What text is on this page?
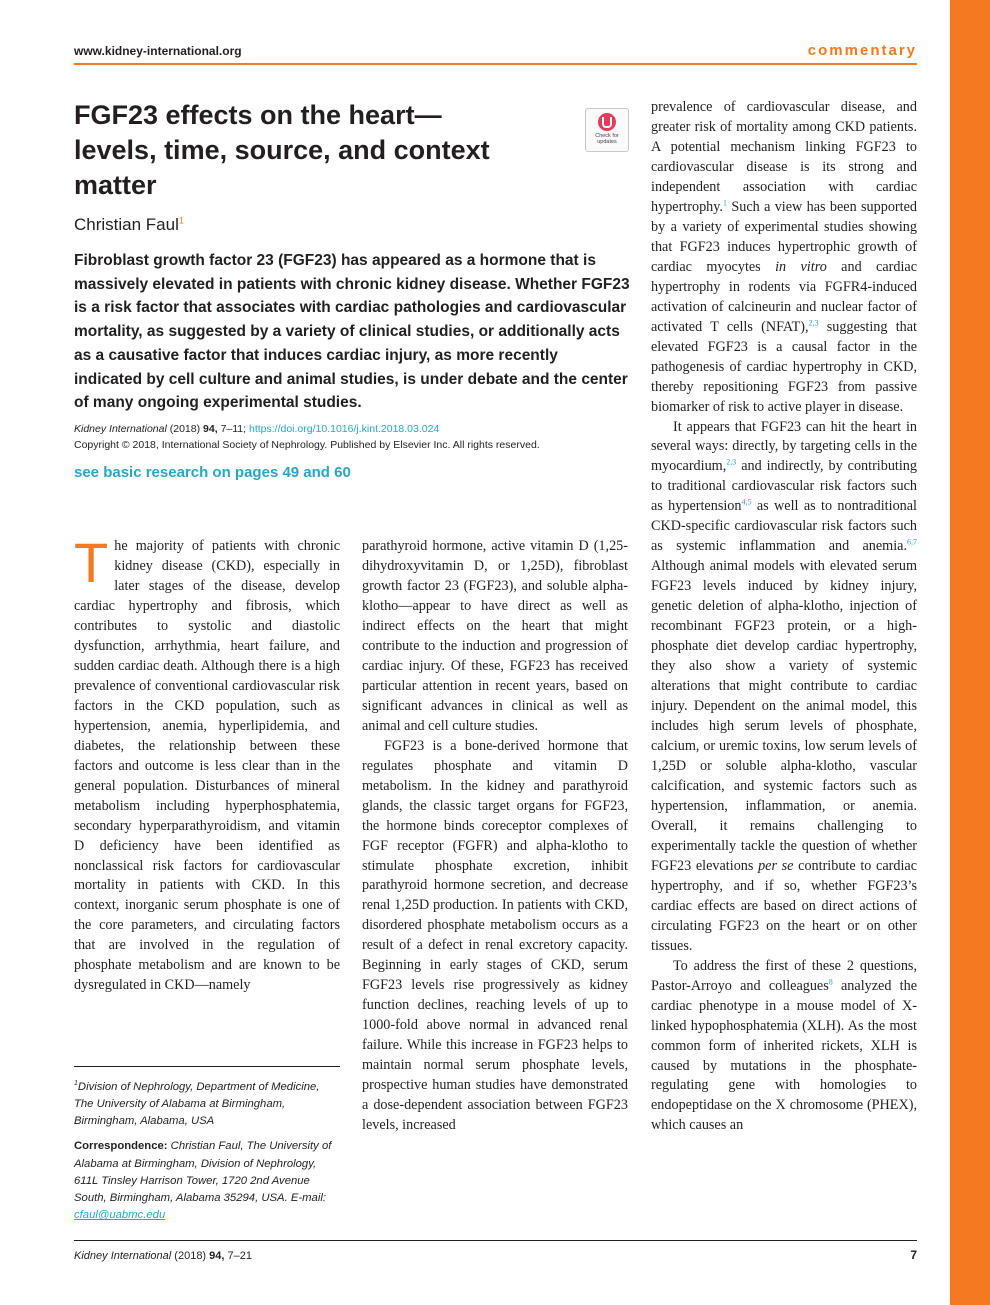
www.kidney-international.org	commentary
FGF23 effects on the heart—levels, time, source, and context matter
Christian Faul$^1$
Fibroblast growth factor 23 (FGF23) has appeared as a hormone that is massively elevated in patients with chronic kidney disease. Whether FGF23 is a risk factor that associates with cardiac pathologies and cardiovascular mortality, as suggested by a variety of clinical studies, or additionally acts as a causative factor that induces cardiac injury, as more recently indicated by cell culture and animal studies, is under debate and the center of many ongoing experimental studies.
Kidney International (2018) 94, 7–11; https://doi.org/10.1016/j.kint.2018.03.024
Copyright © 2018, International Society of Nephrology. Published by Elsevier Inc. All rights reserved.
see basic research on pages 49 and 60
Check for updates

The majority of patients with chronic kidney disease (CKD), especially in later stages of the disease, develop cardiac hypertrophy and fibrosis, which contributes to systolic and diastolic dysfunction, arrhythmia, heart failure, and sudden cardiac death. Although there is a high prevalence of conventional cardiovascular risk factors in the CKD population, such as hypertension, anemia, hyperlipidemia, and diabetes, the relationship between these factors and outcome is less clear than in the general population. Disturbances of mineral metabolism including hyperphosphatemia, secondary hyperparathyroidism, and vitamin D deficiency have been identified as nonclassical risk factors for cardiovascular mortality in patients with CKD. In this context, inorganic serum phosphate is one of the core parameters, and circulating factors that are involved in the regulation of phosphate metabolism and are known to be dysregulated in CKD—namely

parathyroid hormone, active vitamin D (1,25-dihydroxyvitamin D, or 1,25D), fibroblast growth factor 23 (FGF23), and soluble alpha-klotho—appear to have direct as well as indirect effects on the heart that might contribute to the induction and progression of cardiac injury. Of these, FGF23 has received particular attention in recent years, based on significant advances in clinical as well as animal and cell culture studies.

FGF23 is a bone-derived hormone that regulates phosphate and vitamin D metabolism. In the kidney and parathyroid glands, the classic target organs for FGF23, the hormone binds coreceptor complexes of FGF receptor (FGFR) and alpha-klotho to stimulate phosphate excretion, inhibit parathyroid hormone secretion, and decrease renal 1,25D production. In patients with CKD, disordered phosphate metabolism occurs as a result of a defect in renal excretory capacity. Beginning in early stages of CKD, serum FGF23 levels rise progressively as kidney function declines, reaching levels of up to 1000-fold above normal in advanced renal failure. While this increase in FGF23 helps to maintain normal serum phosphate levels, prospective human studies have demonstrated a dose-dependent association between FGF23 levels, increased

prevalence of cardiovascular disease, and greater risk of mortality among CKD patients. A potential mechanism linking FGF23 to cardiovascular disease is its strong and independent association with cardiac hypertrophy.$^1$ Such a view has been supported by a variety of experimental studies showing that FGF23 induces hypertrophic growth of cardiac myocytes in vitro and cardiac hypertrophy in rodents via FGFR4-induced activation of calcineurin and nuclear factor of activated T cells (NFAT),$^{2,3}$ suggesting that elevated FGF23 is a causal factor in the pathogenesis of cardiac hypertrophy in CKD, thereby repositioning FGF23 from passive biomarker of risk to active player in disease.

It appears that FGF23 can hit the heart in several ways: directly, by targeting cells in the myocardium,$^{2,3}$ and indirectly, by contributing to traditional cardiovascular risk factors such as hypertension$^{4,5}$ as well as to nontraditional CKD-specific cardiovascular risk factors such as systemic inflammation and anemia.$^{6,7}$ Although animal models with elevated serum FGF23 levels induced by kidney injury, genetic deletion of alpha-klotho, injection of recombinant FGF23 protein, or a high-phosphate diet develop cardiac hypertrophy, they also show a variety of systemic alterations that might contribute to cardiac injury. Dependent on the animal model, this includes high serum levels of phosphate, calcium, or uremic toxins, low serum levels of 1,25D or soluble alpha-klotho, vascular calcification, and systemic factors such as hypertension, inflammation, or anemia. Overall, it remains challenging to experimentally tackle the question of whether FGF23 elevations per se contribute to cardiac hypertrophy, and if so, whether FGF23’s cardiac effects are based on direct actions of circulating FGF23 on the heart or on other tissues.

To address the first of these 2 questions, Pastor-Arroyo and colleagues$^8$ analyzed the cardiac phenotype in a mouse model of X-linked hypophosphatemia (XLH). As the most common form of inherited rickets, XLH is caused by mutations in the phosphate-regulating gene with homologies to endopeptidase on the X chromosome (PHEX), which causes an

$^1$Division of Nephrology, Department of Medicine, The University of Alabama at Birmingham, Birmingham, Alabama, USA

Correspondence: Christian Faul, The University of Alabama at Birmingham, Division of Nephrology, 611L Tinsley Harrison Tower, 1720 2nd Avenue South, Birmingham, Alabama 35294, USA. E-mail: cfaul@uabmc.edu

Kidney International (2018) 94, 7–21	7
